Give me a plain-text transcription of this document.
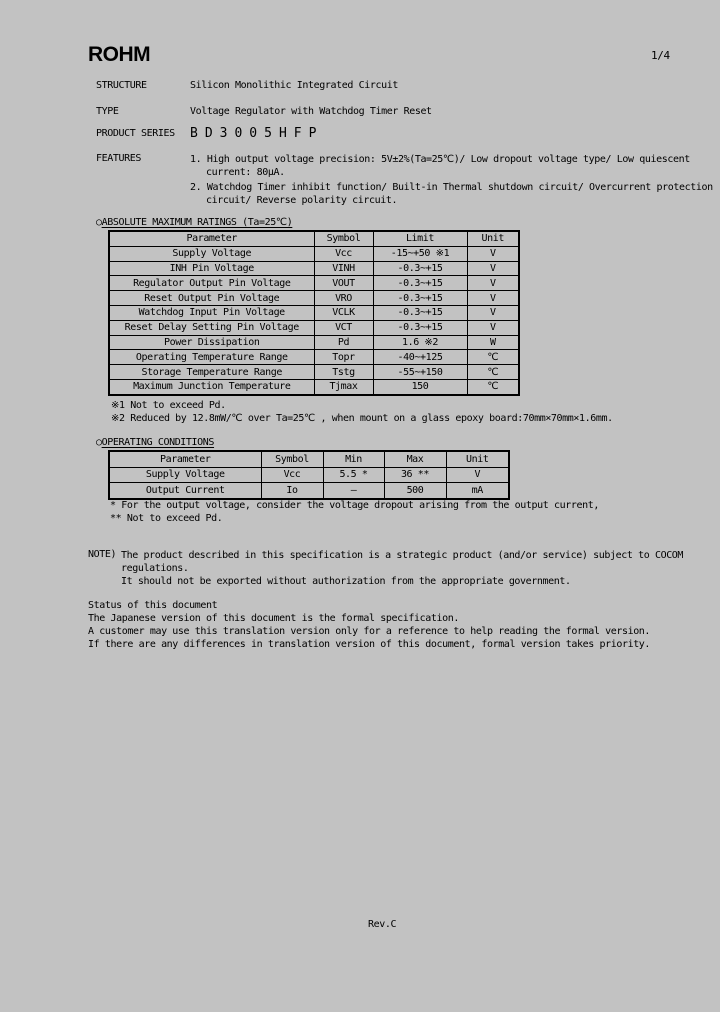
ROHM	1/4
STRUCTURE	Silicon Monolithic Integrated Circuit
TYPE	Voltage Regulator with Watchdog Timer Reset
PRODUCT SERIES	BD3005HFP
FEATURES	1. High output voltage precision: 5V±2%(Ta=25℃)/ Low dropout voltage type/ Low quiescent current: 80μA.
2. Watchdog Timer inhibit function/ Built-in Thermal shutdown circuit/ Overcurrent protection circuit/ Reverse polarity circuit.
○ABSOLUTE MAXIMUM RATINGS (Ta=25℃)
Parameter	Symbol	Limit	Unit
Supply Voltage	Vcc	-15~+50 ※1	V
INH Pin Voltage	VINH	-0.3~+15	V
Regulator Output Pin Voltage	VOUT	-0.3~+15	V
Reset Output Pin Voltage	VRO	-0.3~+15	V
Watchdog Input Pin Voltage	VCLK	-0.3~+15	V
Reset Delay Setting Pin Voltage	VCT	-0.3~+15	V
Power Dissipation	Pd	1.6 ※2	W
Operating Temperature Range	Topr	-40~+125	℃
Storage Temperature Range	Tstg	-55~+150	℃
Maximum Junction Temperature	Tjmax	150	℃
※1 Not to exceed Pd.
※2 Reduced by 12.8mW/℃ over Ta=25℃ , when mount on a glass epoxy board:70mm×70mm×1.6mm.
○OPERATING CONDITIONS
Parameter	Symbol	Min	Max	Unit
Supply Voltage	Vcc	5.5 *	36 **	V
Output Current	Io	—	500	mA
* For the output voltage, consider the voltage dropout arising from the output current,
** Not to exceed Pd.
NOTE) The product described in this specification is a strategic product (and/or service) subject to COCOM regulations.
It should not be exported without authorization from the appropriate government.
Status of this document
The Japanese version of this document is the formal specification.
A customer may use this translation version only for a reference to help reading the formal version.
If there are any differences in translation version of this document, formal version takes priority.
Rev.C
